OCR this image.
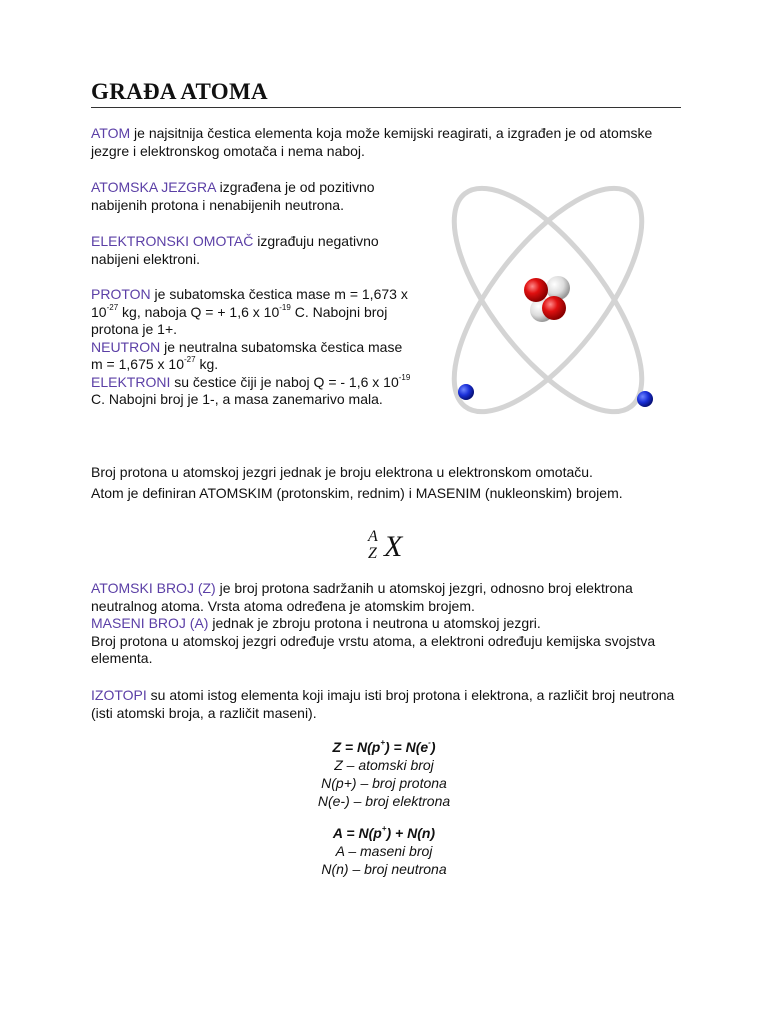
GRAĐA ATOMA
ATOM je najsitnija čestica elementa koja može kemijski reagirati, a izgrađen je od atomske jezgre i elektronskog omotača i nema naboj.
ATOMSKA JEZGRA izgrađena je od pozitivno nabijenih protona i nenabijenih neutrona.
ELEKTRONSKI OMOTAČ izgrađuju negativno nabijeni elektroni.
PROTON je subatomska čestica mase m = 1,673 x $10^{-27}$ kg, naboja Q = + 1,6 x $10^{-19}$ C. Nabojni broj protona je 1+.
NEUTRON je neutralna subatomska čestica mase m = 1,675 x $10^{-27}$ kg.
ELEKTRONI su čestice čiji je naboj Q = - 1,6 x $10^{-19}$ C. Nabojni broj je 1-, a masa zanemarivo mala.
Broj protona u atomskoj jezgri jednak je broju elektrona u elektronskom omotaču.
Atom je definiran ATOMSKIM (protonskim, rednim) i MASENIM (nukleonskim) brojem.
A
Z X
ATOMSKI BROJ (Z) je broj protona sadržanih u atomskoj jezgri, odnosno broj elektrona neutralnog atoma. Vrsta atoma određena je atomskim brojem.
MASENI BROJ (A) jednak je zbroju protona i neutrona u atomskoj jezgri.
Broj protona u atomskoj jezgri određuje vrstu atoma, a elektroni određuju kemijska svojstva elementa.
IZOTOPI su atomi istog elementa koji imaju isti broj protona i elektrona, a različit broj neutrona (isti atomski broja, a različit maseni).
Z = N(p+) = N(e-)
Z – atomski broj
N(p+) – broj protona
N(e-) – broj elektrona
A = N(p+) + N(n)
A – maseni broj
N(n) – broj neutrona
